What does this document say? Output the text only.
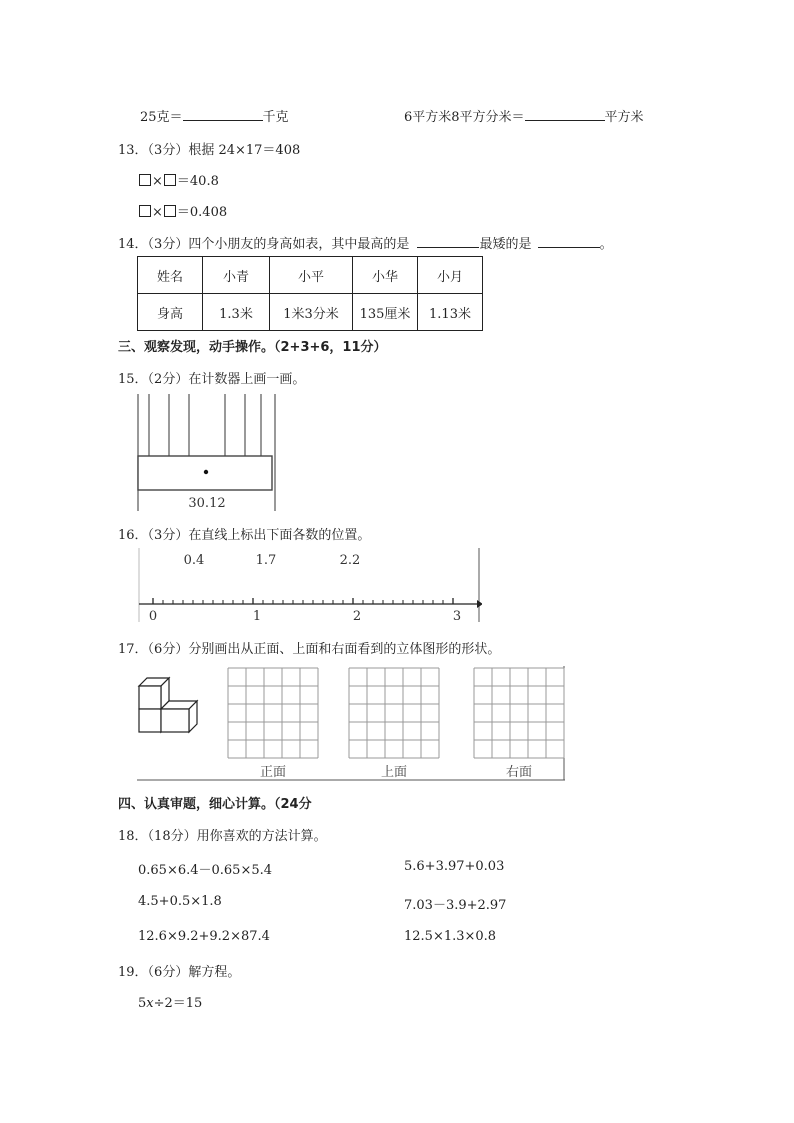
25克＝	千克	6平方米8平方分米＝	平方米
13．（3分）根据 24×17＝408
× ＝40.8
× ＝0.408
14．（3分）四个小朋友的身高如表，其中最高的是	最矮的是	。
姓名	小青	小平	小华	小月
身高	1.3米	1米3分米	135厘米	1.13米
三、观察发现，动手操作。（2+3+6，11分）
15．（2分）在计数器上画一画。
30.12
16．（3分）在直线上标出下面各数的位置。
0.4	1.7	2.2
0	1	2	3
17．（6分）分别画出从正面、上面和右面看到的立体图形的形状。
正面	上面	右面
四、认真审题，细心计算。（24分
18．（18分）用你喜欢的方法计算。
0.65×6.4－0.65×5.4	5.6+3.97+0.03
4.5+0.5×1.8	7.03－3.9+2.97
12.6×9.2+9.2×87.4	12.5×1.3×0.8
19．（6分）解方程。
5x÷2＝15
